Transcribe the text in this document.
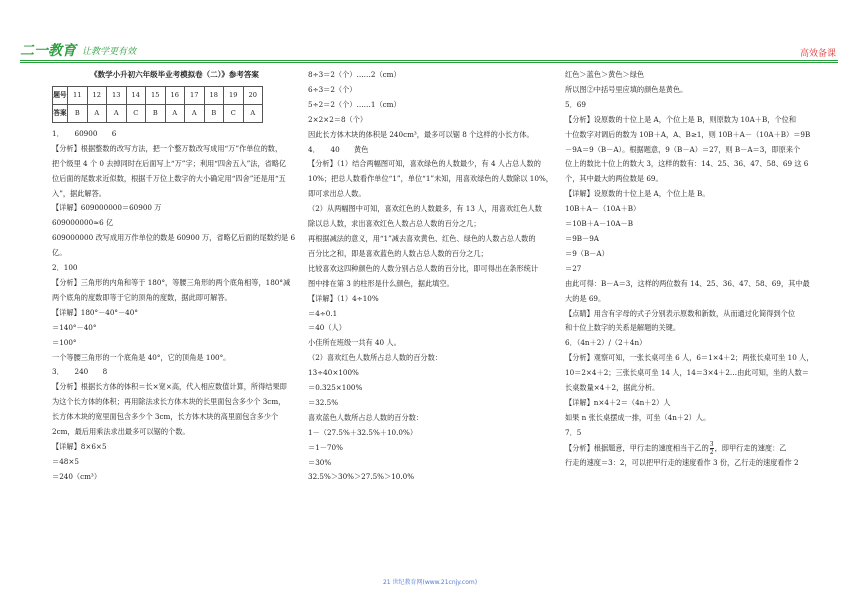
二一教育 让教学更有效	高效备课
《数学小升初六年级毕业考模拟卷（二）》参考答案
题号	11	12	13	14	15	16	17	18	19	20
答案	B	A	A	C	B	A	A	B	C	A
1．　　60900　　6
【分析】根据整数的改写方法，把一个整万数改写成用“万”作单位的数，
把个级里 4 个 0 去掉同时在后面写上“万”字；利用“四舍五入”法，省略亿
位后面的尾数求近似数，根据千万位上数字的大小确定用“四舍”还是用“五
入”，据此解答。
【详解】609000000＝60900 万
609000000≈6 亿
609000000 改写成用万作单位的数是 60900 万，省略亿后面的尾数约是 6
亿。
2．100
【分析】三角形的内角和等于 180°，等腰三角形的两个底角相等，180°减
两个底角的度数即等于它的顶角的度数，据此即可解答。
【详解】180°－40°－40°
＝140°－40°
＝100°
一个等腰三角形的一个底角是 40°，它的顶角是 100°。
3．　　240　　8
【分析】根据长方体的体积＝长×宽×高，代入相应数值计算，所得结果即
为这个长方体的体积；再用除法求长方体木块的长里面包含多少个 3cm，
长方体木块的宽里面包含多少个 3cm，长方体木块的高里面包含多少个
2cm，最后用乘法求出最多可以锯的个数。
【详解】8×6×5
＝48×5
＝240（cm³）
8÷3＝2（个）……2（cm）
6÷3＝2（个）
5÷2＝2（个）……1（cm）
2×2×2＝8（个）
因此长方体木块的体积是 240cm³，最多可以锯 8 个这样的小长方体。
4．　　40　　黄色
【分析】（1）结合两幅图可知，喜欢绿色的人数最少，有 4 人占总人数的
10%；把总人数看作单位“1”，单位“1”未知，用喜欢绿色的人数除以 10%，
即可求出总人数。
（2）从两幅图中可知，喜欢红色的人数最多，有 13 人，用喜欢红色人数
除以总人数，求出喜欢红色人数占总人数的百分之几；
再根据减法的意义，用“1”减去喜欢黄色、红色、绿色的人数占总人数的
百分比之和，即是喜欢蓝色的人数占总人数的百分之几；
比较喜欢这四种颜色的人数分别占总人数的百分比，即可得出在条形统计
图中排在第 3 的柱形是什么颜色，据此填空。
【详解】（1）4÷10%
＝4÷0.1
＝40（人）
小佳所在班级一共有 40 人。
（2）喜欢红色人数所占总人数的百分数：
13÷40×100%
＝0.325×100%
＝32.5%
喜欢蓝色人数所占总人数的百分数：
1－（27.5%＋32.5%＋10.0%）
＝1－70%
＝30%
32.5%＞30%＞27.5%＞10.0%
红色＞蓝色＞黄色＞绿色
所以图②中括号里应填的颜色是黄色。
5．69
【分析】设原数的十位上是 A，个位上是 B，则原数为 10A＋B，个位和
十位数字对调后的数为 10B＋A，A、B≥1，则 10B＋A－（10A＋B）＝9B
－9A＝9（B－A）。根据题意，9（B－A）＝27，则 B－A＝3，即原来个
位上的数比十位上的数大 3，这样的数有：14、25、36、47、58、69 这 6
个，其中最大的两位数是 69。
【详解】设原数的十位上是 A，个位上是 B。
10B＋A－（10A＋B）
＝10B＋A－10A－B
＝9B－9A
＝9（B－A）
＝27
由此可得：B－A＝3，这样的两位数有 14、25、36、47、58、69，其中最
大的是 69。
【点睛】用含有字母的式子分别表示原数和新数，从而通过化简得到个位
和十位上数字的关系是解题的关键。
6．（4n＋2）/（2＋4n）
【分析】观察可知，一张长桌可坐 6 人，6＝1×4＋2；两张长桌可坐 10 人，
10＝2×4＋2；三张长桌可坐 14 人，14＝3×4＋2…由此可知，坐的人数＝
长桌数量×4＋2，据此分析。
【详解】n×4＋2＝（4n＋2）人
如果 n 张长桌摆成一排，可坐（4n＋2）人。
7．5
【分析】根据题意，甲行走的速度相当于乙的 $\frac{3}{2}$ ，即甲行走的速度：乙
行走的速度＝3：2，可以把甲行走的速度看作 3 份，乙行走的速度看作 2
21 世纪教育网(www.21cnjy.com)
